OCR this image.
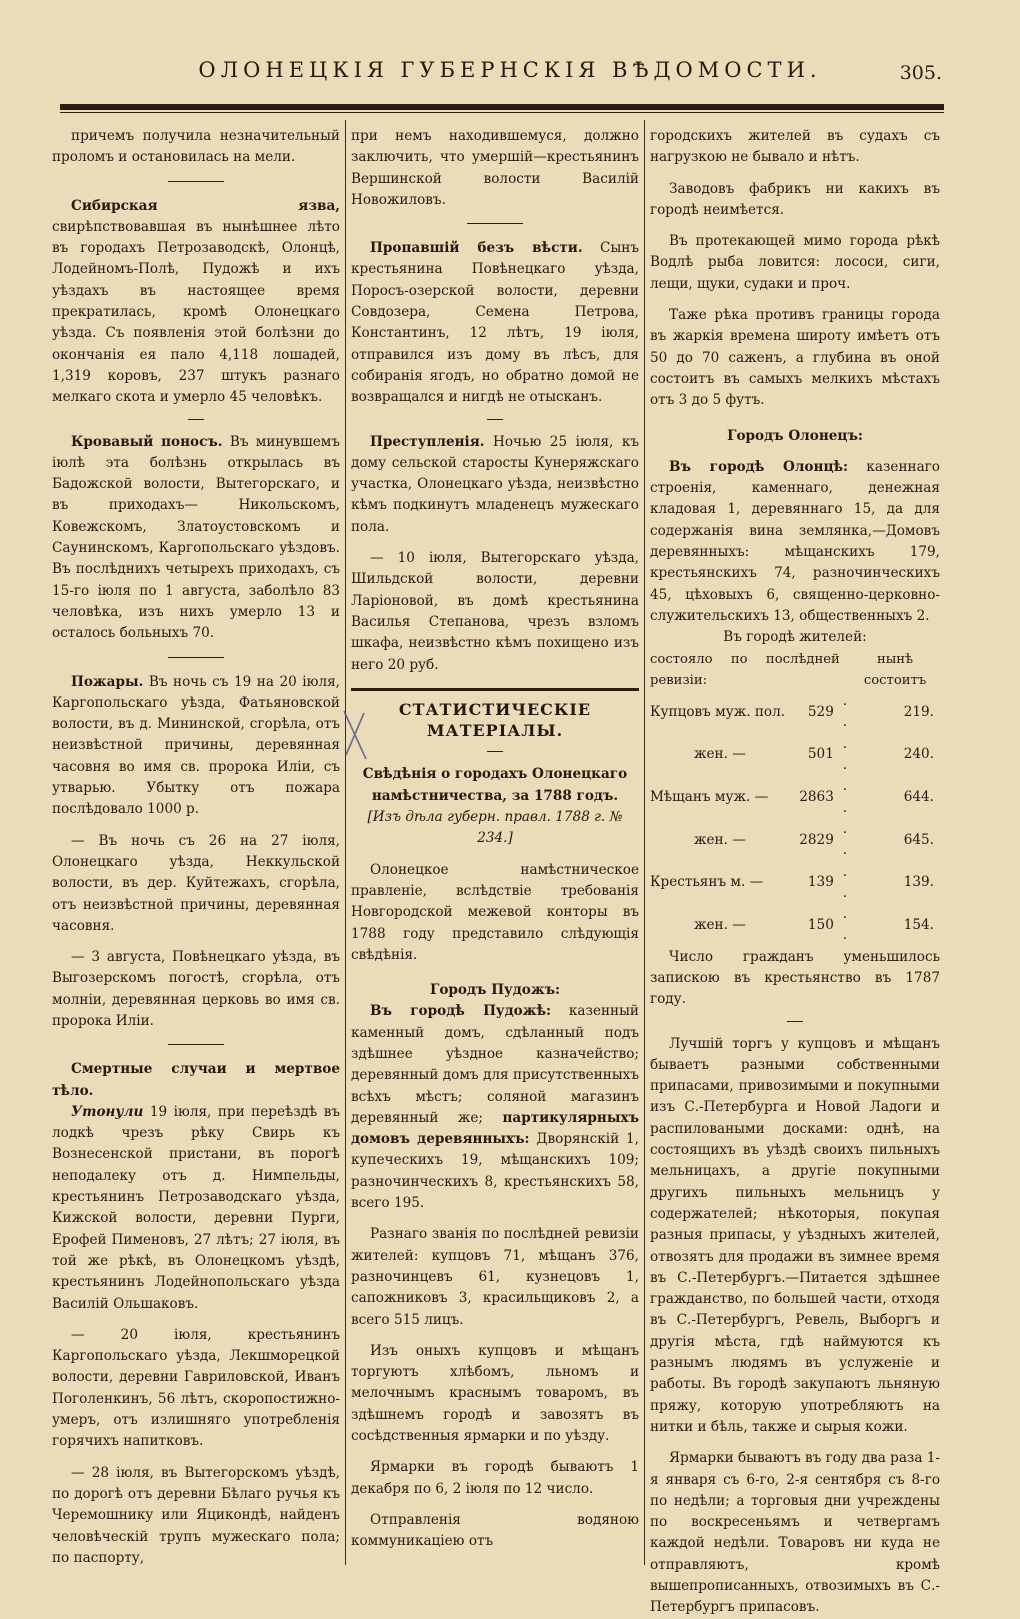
ОЛОНЕЦКІЯ ГУБЕРНСКІЯ ВѢДОМОСТИ.	305.

причемъ получила незначительный проломъ и остановилась на мели.

Сибирская язва, свирѣпствовавшая въ нынѣшнее лѣто въ городахъ Петрозаводскѣ, Олонцѣ, Лодейномъ-Полѣ, Пудожѣ и ихъ уѣздахъ въ настоящее время прекратилась, кромѣ Олонецкаго уѣзда. Съ появленія этой болѣзни до окончанія ея пало 4,118 лошадей, 1,319 коровъ, 237 штукъ разнаго мелкаго скота и умерло 45 человѣкъ.

Кровавый поносъ. Въ минувшемъ іюлѣ эта болѣзнь открылась въ Бадожской волости, Вытегорскаго, и въ приходахъ— Никольскомъ, Ковежскомъ, Златоустовскомъ и Саунинскомъ, Каргопольскаго уѣздовъ. Въ послѣднихъ четырехъ приходахъ, съ 15-го іюля по 1 августа, заболѣло 83 человѣка, изъ нихъ умерло 13 и осталось больныхъ 70.

Пожары. Въ ночь съ 19 на 20 іюля, Каргопольскаго уѣзда, Фатьяновской волости, въ д. Мининской, сгорѣла, отъ неизвѣстной причины, деревянная часовня во имя св. пророка Иліи, съ утварью. Убытку отъ пожара послѣдовало 1000 р.

— Въ ночь съ 26 на 27 іюля, Олонецкаго уѣзда, Неккульской волости, въ дер. Куйтежахъ, сгорѣла, отъ неизвѣстной причины, деревянная часовня.

— 3 августа, Повѣнецкаго уѣзда, въ Выгозерскомъ погостѣ, сгорѣла, отъ молніи, деревянная церковь во имя св. пророка Иліи.

Смертные случаи и мертвое тѣло.

Утонули 19 іюля, при переѣздѣ въ лодкѣ чрезъ рѣку Свирь къ Вознесенской пристани, въ порогѣ неподалеку отъ д. Нимпельды, крестьянинъ Петрозаводскаго уѣзда, Кижской волости, деревни Пурги, Ерофей Пименовъ, 27 лѣтъ; 27 іюля, въ той же рѣкѣ, въ Олонецкомъ уѣздѣ, крестьянинъ Лодейнопольскаго уѣзда Василій Ольшаковъ.

— 20 іюля, крестьянинъ Каргопольскаго уѣзда, Лекшморецкой волости, деревни Гавриловской, Иванъ Поголенкинъ, 56 лѣтъ, скоропостижно-умеръ, отъ излишняго употребленія горячихъ напитковъ.

— 28 іюля, въ Вытегорскомъ уѣздѣ, по дорогѣ отъ деревни Бѣлаго ручья къ Черемошнику или Яцикондѣ, найденъ человѣческій трупъ мужескаго пола; по паспорту,

при немъ находившемуся, должно заключить, что умершій—крестьянинъ Вершинской волости Василій Новожиловъ.

Пропавшій безъ вѣсти. Сынъ крестьянина Повѣнецкаго уѣзда, Поросъ-озерской волости, деревни Совдозера, Семена Петрова, Константинъ, 12 лѣтъ, 19 іюля, отправился изъ дому въ лѣсъ, для собиранія ягодъ, но обратно домой не возвращался и нигдѣ не отысканъ.

Преступленія. Ночью 25 іюля, къ дому сельской старосты Кунеряжскаго участка, Олонецкаго уѣзда, неизвѣстно кѣмъ подкинутъ младенецъ мужескаго пола.

— 10 іюля, Вытегорскаго уѣзда, Шильдской волости, деревни Ларіоновой, въ домѣ крестьянина Василья Степанова, чрезъ взломъ шкафа, неизвѣстно кѣмъ похищено изъ него 20 руб.

СТАТИСТИЧЕСКІЕ МАТЕРІАЛЫ.

Свѣдѣнія о городахъ Олонецкаго намѣстничества, за 1788 годъ.

[Изъ дѣла губерн. правл. 1788 г. № 234.]

Олонецкое намѣстническое правленіе, вслѣдствіе требованія Новгородской межевой конторы въ 1788 году представило слѣдующія свѣдѣнія.

Городъ Пудожъ:

Въ городѣ Пудожѣ: казенный каменный домъ, сдѣланный подъ здѣшнее уѣздное казначейство; деревянный домъ для присутственныхъ всѣхъ мѣстъ; соляной магазинъ деревянный же; партикулярныхъ домовъ деревянныхъ: Дворянскій 1, купеческихъ 19, мѣщанскихъ 109; разночинческихъ 8, крестьянскихъ 58, всего 195.

Разнаго званія по послѣдней ревизіи жителей: купцовъ 71, мѣщанъ 376, разночинцевъ 61, кузнецовъ 1, сапожниковъ 3, красильщиковъ 2, а всего 515 лицъ.

Изъ оныхъ купцовъ и мѣщанъ торгуютъ хлѣбомъ, льномъ и мелочнымъ краснымъ товаромъ, въ здѣшнемъ городѣ и завозятъ въ сосѣдственныя ярмарки и по уѣзду.

Ярмарки въ городѣ бываютъ 1 декабря по 6, 2 іюля по 12 число.

Отправленія водяною коммуникаціею отъ

городскихъ жителей въ судахъ съ нагрузкою не бывало и нѣтъ.

Заводовъ фабрикъ ни какихъ въ городѣ неимѣется.

Въ протекающей мимо города рѣкѣ Водлѣ рыба ловится: лососи, сиги, лещи, щуки, судаки и проч.

Таже рѣка противъ границы города въ жаркія времена широту имѣетъ отъ 50 до 70 саженъ, а глубина въ оной состоитъ въ самыхъ мелкихъ мѣстахъ отъ 3 до 5 футъ.

Городъ Олонецъ:

Въ городѣ Олонцѣ: казеннаго строенія, каменнаго, денежная кладовая 1, деревяннаго 15, да для содержанія вина землянка,—Домовъ деревянныхъ: мѣщанскихъ 179, крестьянскихъ 74, разночинческихъ 45, цѣховыхъ 6, священно-церковно-служительскихъ 13, общественныхъ 2.

Въ городѣ жителей:

состояло по послѣдней ревизіи:			нынѣ состоитъ
Купцовъ муж. пол.	529	. .	219.
жен. —	501	. .	240.
Мѣщанъ муж. —	2863	. .	644.
жен. —	2829	. .	645.
Крестьянъ м. —	139	. .	139.
жен. —	150	. .	154.

Число гражданъ уменьшилось запискою въ крестьянство въ 1787 году.

Лучшій торгъ у купцовъ и мѣщанъ бываетъ разными собственными припасами, привозимыми и покупными изъ С.-Петербурга и Новой Ладоги и распиловаными досками: однѣ, на состоящихъ въ уѣздѣ своихъ пильныхъ мельницахъ, а другіе покупными другихъ пильныхъ мельницъ у содержателей; нѣкоторыя, покупая разныя припасы, у уѣздныхъ жителей, отвозятъ для продажи въ зимнее время въ С.-Петербургъ.—Питается здѣшнее гражданство, по большей части, отходя въ С.-Петербургъ, Ревель, Выборгъ и другія мѣста, гдѣ наймуются къ разнымъ людямъ въ услуженіе и работы. Въ городѣ закупаютъ льняную пряжу, которую употребляютъ на нитки и бѣль, также и сырыя кожи.

Ярмарки бываютъ въ году два раза 1-я января съ 6-го, 2-я сентября съ 8-го по недѣли; а торговыя дни учреждены по воскресеньямъ и четвергамъ каждой недѣли. Товаровъ ни куда не отправляютъ, кромѣ вышепрописанныхъ, отвозимыхъ въ С.-Петербургъ припасовъ.
